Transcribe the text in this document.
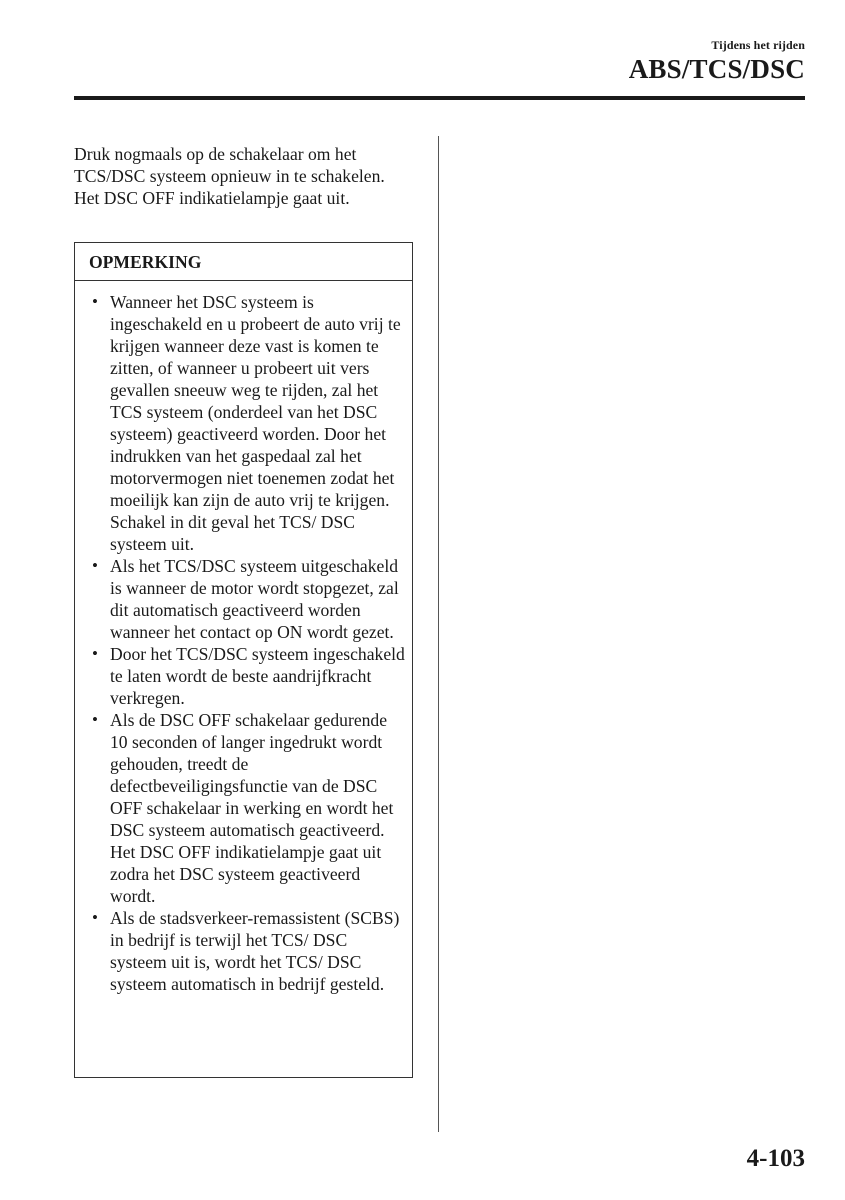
Tijdens het rijden
ABS/TCS/DSC

Druk nogmaals op de schakelaar om het TCS/DSC systeem opnieuw in te schakelen. Het DSC OFF indikatielampje gaat uit.

OPMERKING
• Wanneer het DSC systeem is ingeschakeld en u probeert de auto vrij te krijgen wanneer deze vast is komen te zitten, of wanneer u probeert uit vers gevallen sneeuw weg te rijden, zal het TCS systeem (onderdeel van het DSC systeem) geactiveerd worden. Door het indrukken van het gaspedaal zal het motorvermogen niet toenemen zodat het moeilijk kan zijn de auto vrij te krijgen. Schakel in dit geval het TCS/ DSC systeem uit.
• Als het TCS/DSC systeem uitgeschakeld is wanneer de motor wordt stopgezet, zal dit automatisch geactiveerd worden wanneer het contact op ON wordt gezet.
• Door het TCS/DSC systeem ingeschakeld te laten wordt de beste aandrijfkracht verkregen.
• Als de DSC OFF schakelaar gedurende 10 seconden of langer ingedrukt wordt gehouden, treedt de defectbeveiligingsfunctie van de DSC OFF schakelaar in werking en wordt het DSC systeem automatisch geactiveerd. Het DSC OFF indikatielampje gaat uit zodra het DSC systeem geactiveerd wordt.
• Als de stadsverkeer-remassistent (SCBS) in bedrijf is terwijl het TCS/ DSC systeem uit is, wordt het TCS/ DSC systeem automatisch in bedrijf gesteld.
4-103
